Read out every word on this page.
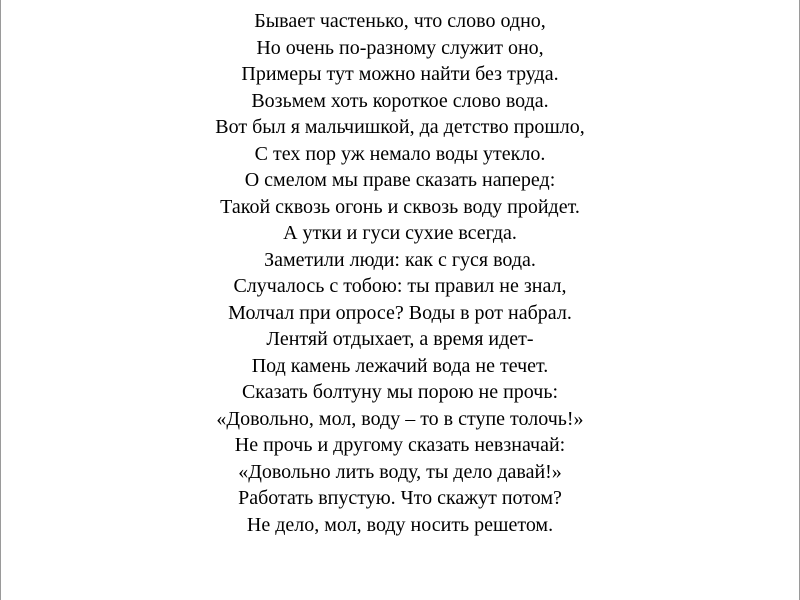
Бывает частенько, что слово одно,
Но очень по-разному служит оно,
Примеры тут можно найти без труда.
Возьмем хоть короткое слово вода.
Вот был я мальчишкой, да детство прошло,
С тех пор уж немало воды утекло.
О смелом мы праве сказать наперед:
Такой сквозь огонь и сквозь воду пройдет.
А утки и гуси сухие всегда.
Заметили люди: как с гуся вода.
Случалось с тобою: ты правил не знал,
Молчал при опросе? Воды в рот набрал.
Лентяй отдыхает, а время идет-
Под камень лежачий вода не течет.
Сказать болтуну мы порою не прочь:
«Довольно, мол, воду – то в ступе толочь!»
Не прочь и другому сказать невзначай:
«Довольно лить воду, ты дело давай!»
Работать впустую. Что скажут потом?
Не дело, мол, воду носить решетом.
